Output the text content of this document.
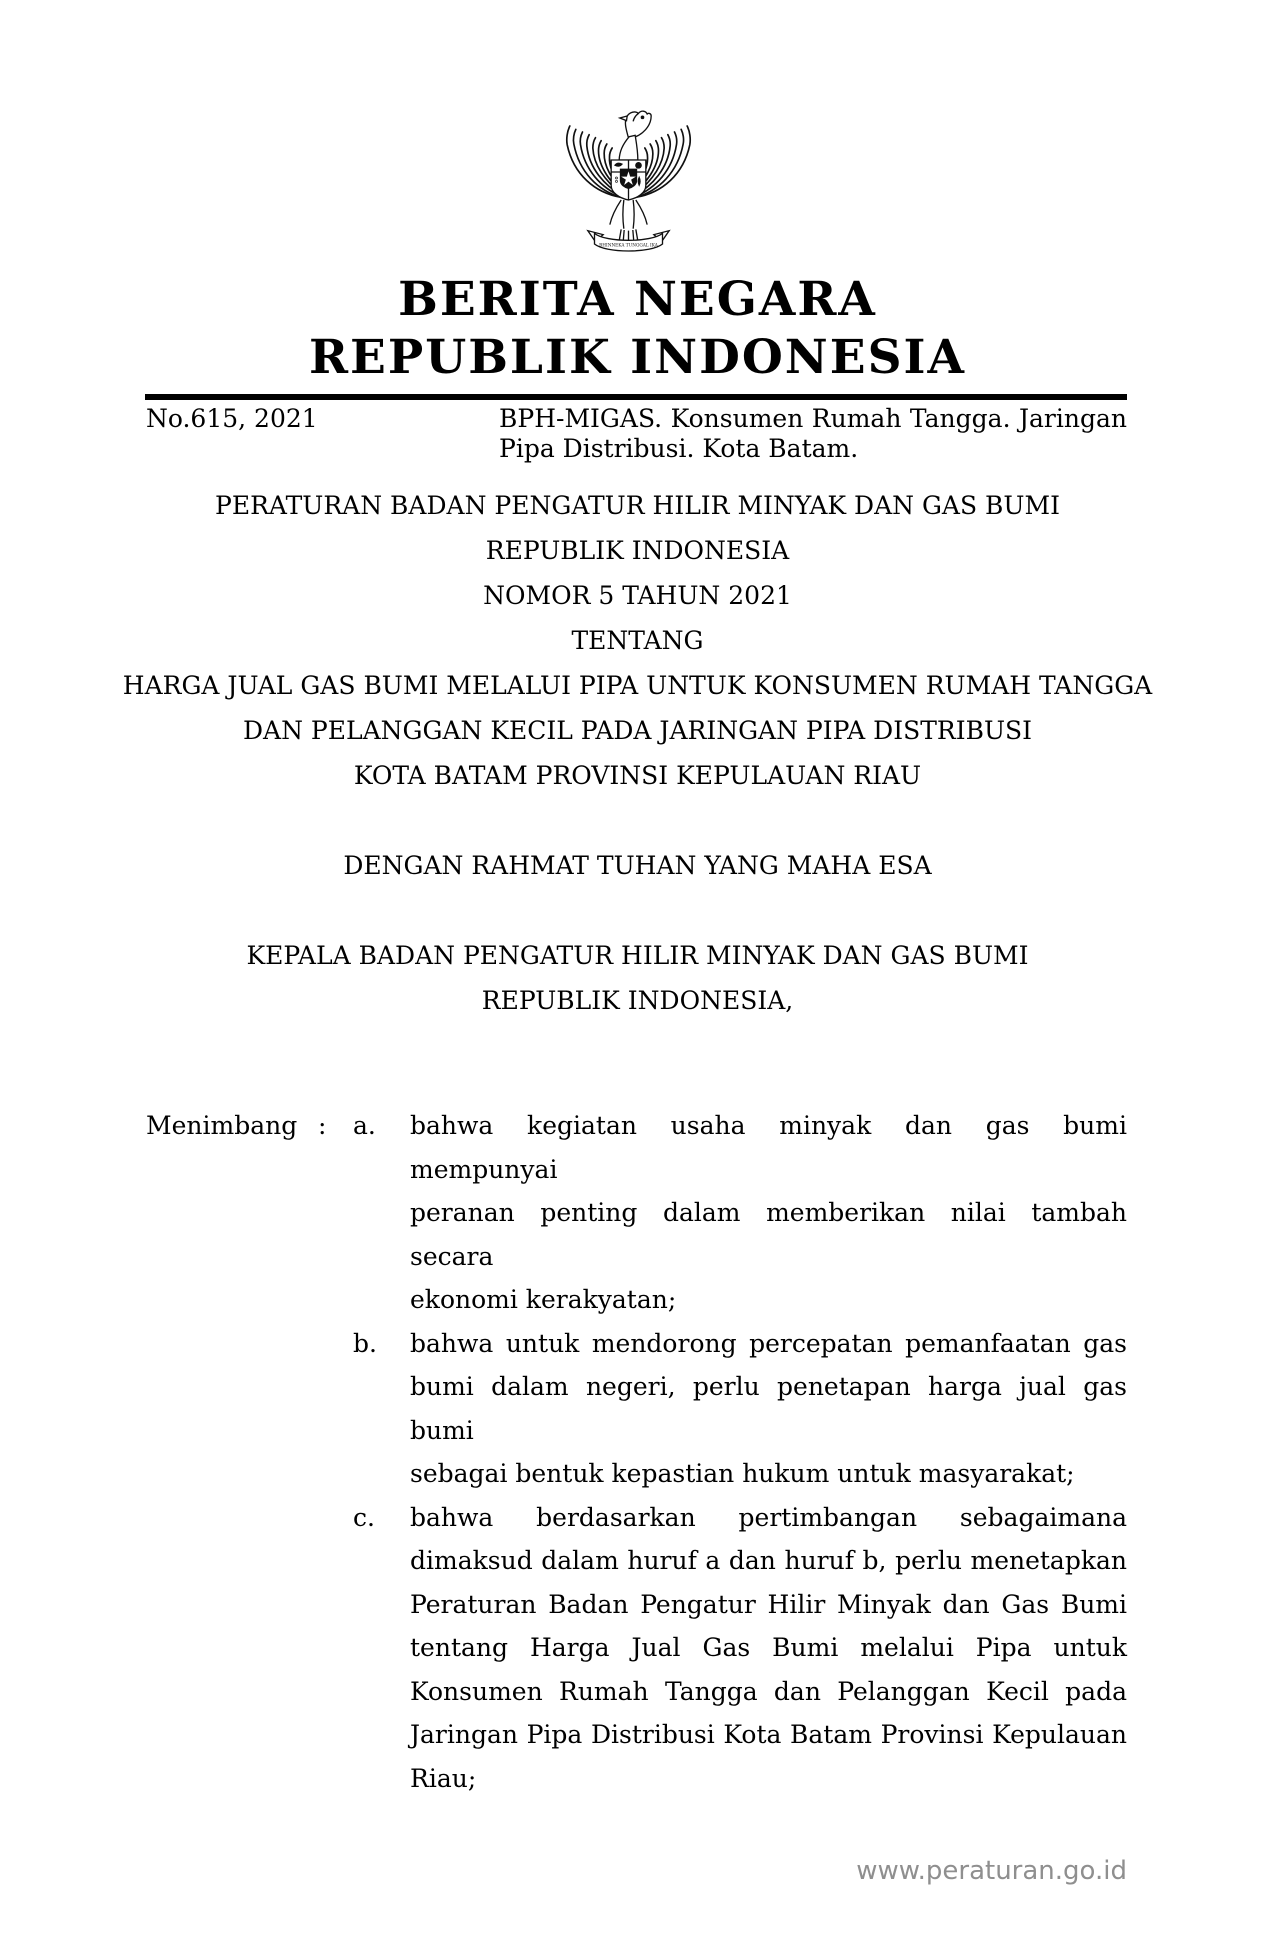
BHINNEKA TUNGGAL IKA
BERITA NEGARA
REPUBLIK INDONESIA
No.615, 2021	BPH-MIGAS. Konsumen Rumah Tangga. Jaringan
Pipa Distribusi. Kota Batam.
PERATURAN BADAN PENGATUR HILIR MINYAK DAN GAS BUMI
REPUBLIK INDONESIA
NOMOR 5 TAHUN 2021
TENTANG
HARGA JUAL GAS BUMI MELALUI PIPA UNTUK KONSUMEN RUMAH TANGGA
DAN PELANGGAN KECIL PADA JARINGAN PIPA DISTRIBUSI
KOTA BATAM PROVINSI KEPULAUAN RIAU
DENGAN RAHMAT TUHAN YANG MAHA ESA
KEPALA BADAN PENGATUR HILIR MINYAK DAN GAS BUMI
REPUBLIK INDONESIA,
Menimbang :	a.	bahwa kegiatan usaha minyak dan gas bumi mempunyai
peranan penting dalam memberikan nilai tambah secara
ekonomi kerakyatan;
b.	bahwa untuk mendorong percepatan pemanfaatan gas
bumi dalam negeri, perlu penetapan harga jual gas bumi
sebagai bentuk kepastian hukum untuk masyarakat;
c.	bahwa berdasarkan pertimbangan sebagaimana
dimaksud dalam huruf a dan huruf b, perlu menetapkan
Peraturan Badan Pengatur Hilir Minyak dan Gas Bumi
tentang Harga Jual Gas Bumi melalui Pipa untuk
Konsumen Rumah Tangga dan Pelanggan Kecil pada
Jaringan Pipa Distribusi Kota Batam Provinsi Kepulauan
Riau;
www.peraturan.go.id
